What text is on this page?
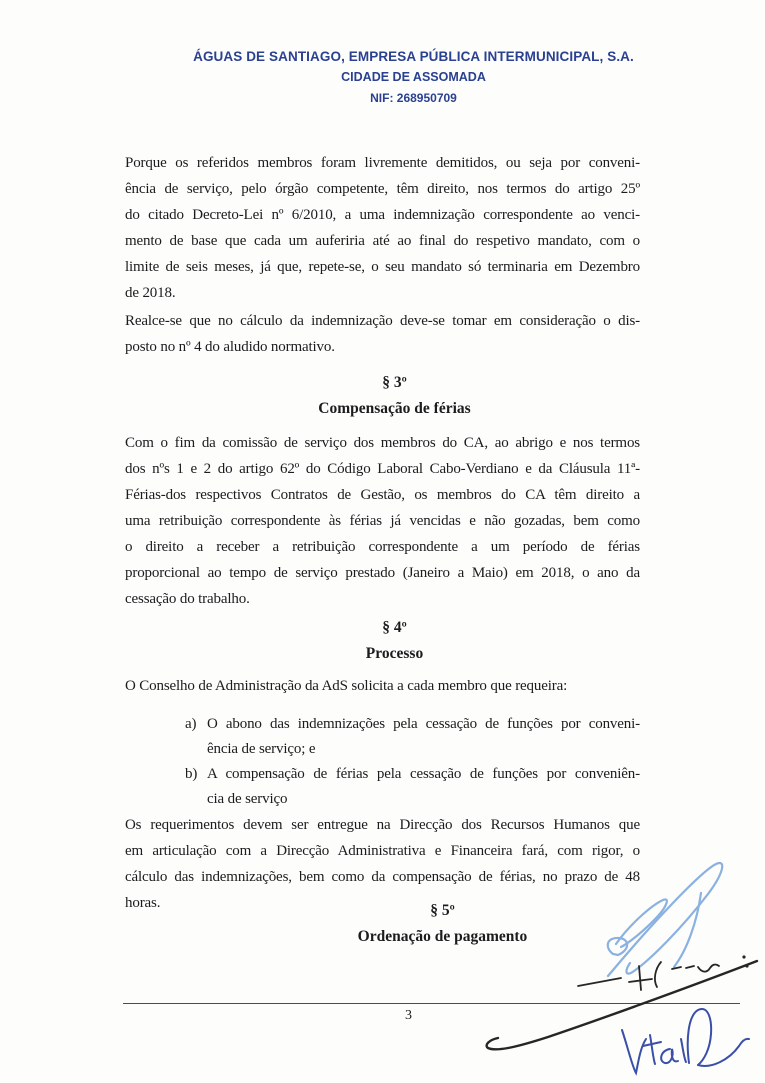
ÁGUAS DE SANTIAGO, EMPRESA PÚBLICA INTERMUNICIPAL, S.A.
CIDADE DE ASSOMADA
NIF: 268950709
Porque os referidos membros foram livremente demitidos, ou seja por conveni-
ência de serviço, pelo órgão competente, têm direito, nos termos do artigo 25º
do citado Decreto-Lei nº 6/2010, a uma indemnização correspondente ao venci-
mento de base que cada um auferiria até ao final do respetivo mandato, com o
limite de seis meses, já que, repete-se, o seu mandato só terminaria em Dezembro
de 2018.
Realce-se que no cálculo da indemnização deve-se tomar em consideração o dis-
posto no nº 4 do aludido normativo.
§ 3º
Compensação de férias
Com o fim da comissão de serviço dos membros do CA, ao abrigo e nos termos
dos nºs 1 e 2 do artigo 62º do Código Laboral Cabo-Verdiano e da Cláusula 11ª-
Férias-dos respectivos Contratos de Gestão, os membros do CA têm direito a
uma retribuição correspondente às férias já vencidas e não gozadas, bem como
o direito a receber a retribuição correspondente a um período de férias
proporcional ao tempo de serviço prestado (Janeiro a Maio) em 2018, o ano da
cessação do trabalho.
§ 4º
Processo
O Conselho de Administração da AdS solicita a cada membro que requeira:
a) O abono das indemnizações pela cessação de funções por conveni-
ência de serviço; e
b) A compensação de férias pela cessação de funções por conveniên-
cia de serviço
Os requerimentos devem ser entregue na Direcção dos Recursos Humanos que
em articulação com a Direcção Administrativa e Financeira fará, com rigor, o
cálculo das indemnizações, bem como da compensação de férias, no prazo de 48
horas.	§ 5º
Ordenação de pagamento
3
